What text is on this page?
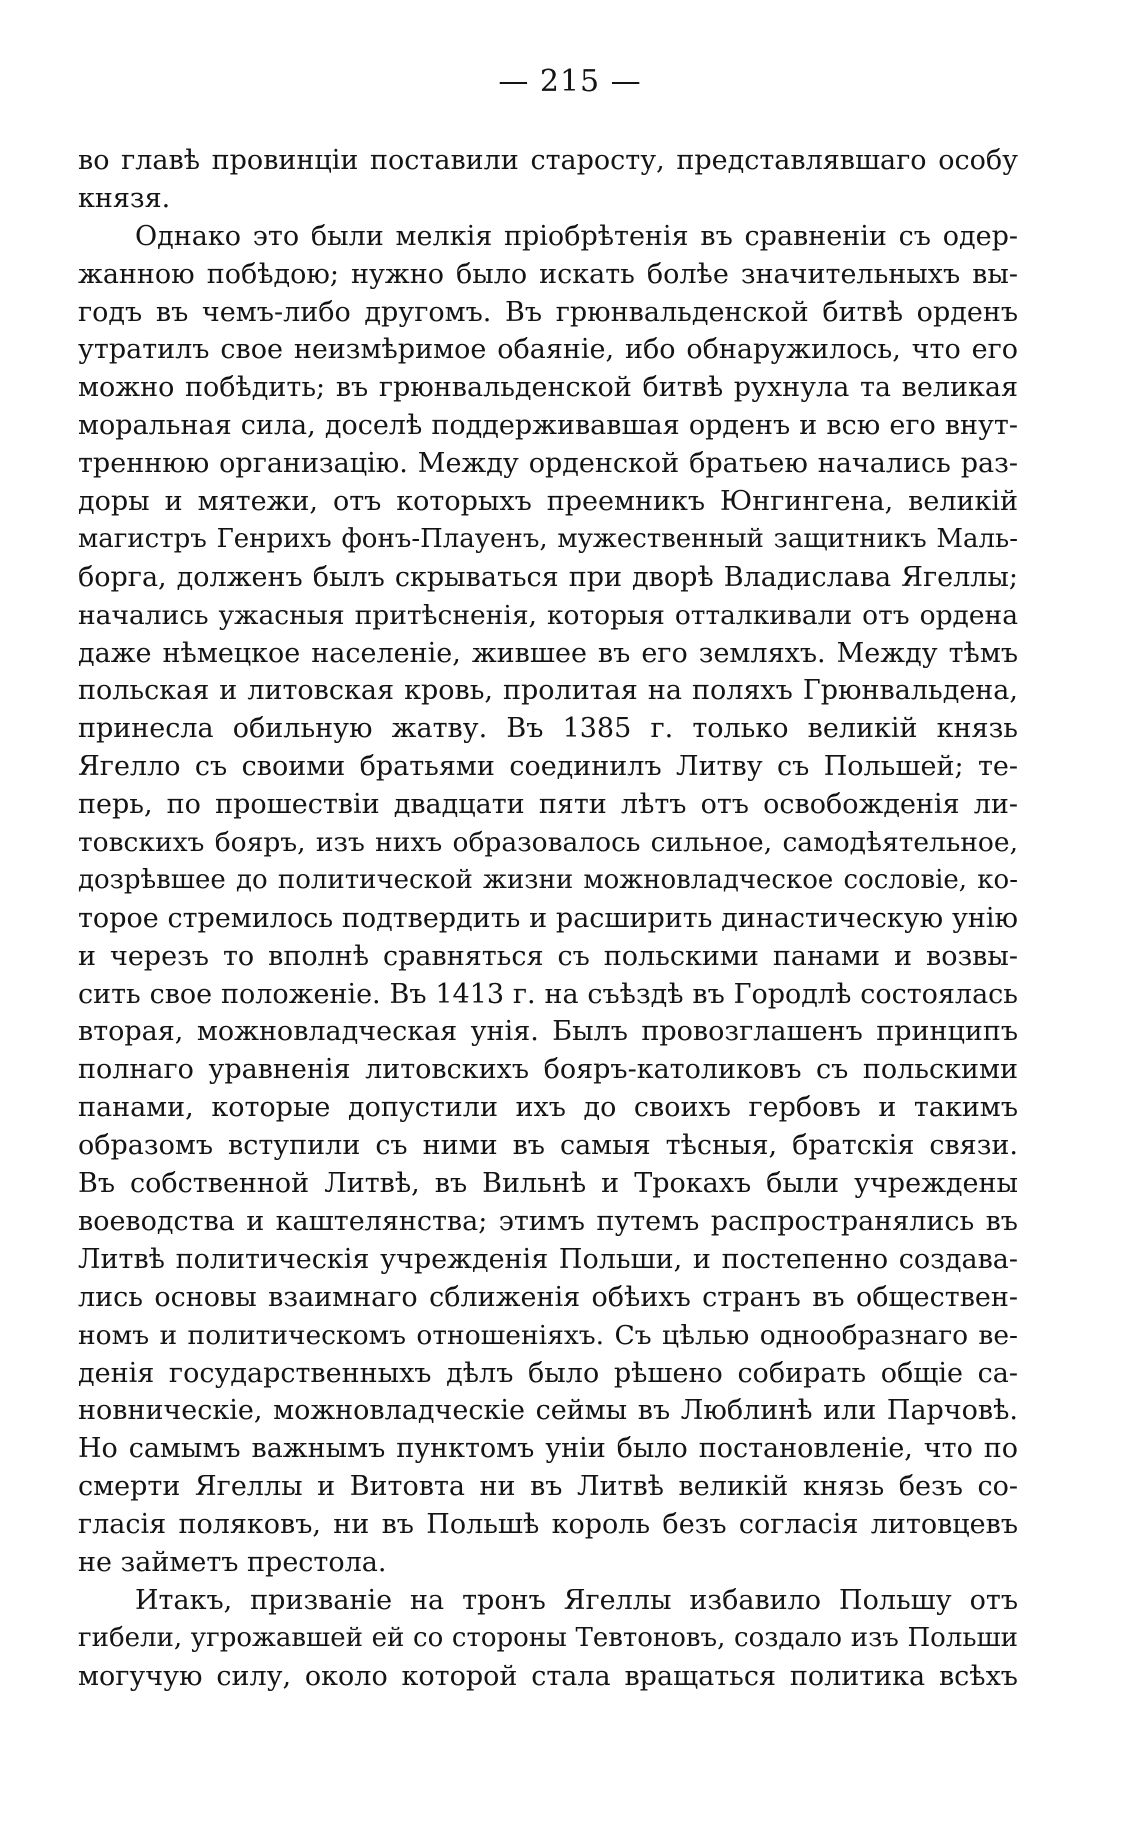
— 215 —
во главѣ провинціи поставили старосту, представлявшаго особу
князя.
Однако это были мелкія пріобрѣтенія въ сравненіи съ одер-
жанною побѣдою; нужно было искать болѣе значительныхъ вы-
годъ въ чемъ-либо другомъ. Въ грюнвальденской битвѣ орденъ
утратилъ свое неизмѣримое обаяніе, ибо обнаружилось, что его
можно побѣдить; въ грюнвальденской битвѣ рухнула та великая
моральная сила, доселѣ поддерживавшая орденъ и всю его внут-
треннюю организацію. Между орденской братьею начались раз-
доры и мятежи, отъ которыхъ преемникъ Юнгингена, великій
магистръ Генрихъ фонъ-Плауенъ, мужественный защитникъ Маль-
борга, долженъ былъ скрываться при дворѣ Владислава Ягеллы;
начались ужасныя притѣсненія, которыя отталкивали отъ ордена
даже нѣмецкое населеніе, жившее въ его земляхъ. Между тѣмъ
польская и литовская кровь, пролитая на поляхъ Грюнвальдена,
принесла обильную жатву. Въ 1385 г. только великій князь
Ягелло съ своими братьями соединилъ Литву съ Польшей; те-
перь, по прошествіи двадцати пяти лѣтъ отъ освобожденія ли-
товскихъ бояръ, изъ нихъ образовалось сильное, самодѣятельное,
дозрѣвшее до политической жизни можновладческое сословіе, ко-
торое стремилось подтвердить и расширить династическую унію
и черезъ то вполнѣ сравняться съ польскими панами и возвы-
сить свое положеніе. Въ 1413 г. на съѣздѣ въ Городлѣ состоялась
вторая, можновладческая унія. Былъ провозглашенъ принципъ
полнаго уравненія литовскихъ бояръ-католиковъ съ польскими
панами, которые допустили ихъ до своихъ гербовъ и такимъ
образомъ вступили съ ними въ самыя тѣсныя, братскія связи.
Въ собственной Литвѣ, въ Вильнѣ и Трокахъ были учреждены
воеводства и каштелянства; этимъ путемъ распространялись въ
Литвѣ политическія учрежденія Польши, и постепенно создава-
лись основы взаимнаго сближенія обѣихъ странъ въ обществен-
номъ и политическомъ отношеніяхъ. Съ цѣлью однообразнаго ве-
денія государственныхъ дѣлъ было рѣшено собирать общіе са-
новническіе, можновладческіе сеймы въ Люблинѣ или Парчовѣ.
Но самымъ важнымъ пунктомъ уніи было постановленіе, что по
смерти Ягеллы и Витовта ни въ Литвѣ великій князь безъ со-
гласія поляковъ, ни въ Польшѣ король безъ согласія литовцевъ
не займетъ престола.
Итакъ, призваніе на тронъ Ягеллы избавило Польшу отъ
гибели, угрожавшей ей со стороны Тевтоновъ, создало изъ Польши
могучую силу, около которой стала вращаться политика всѣхъ
